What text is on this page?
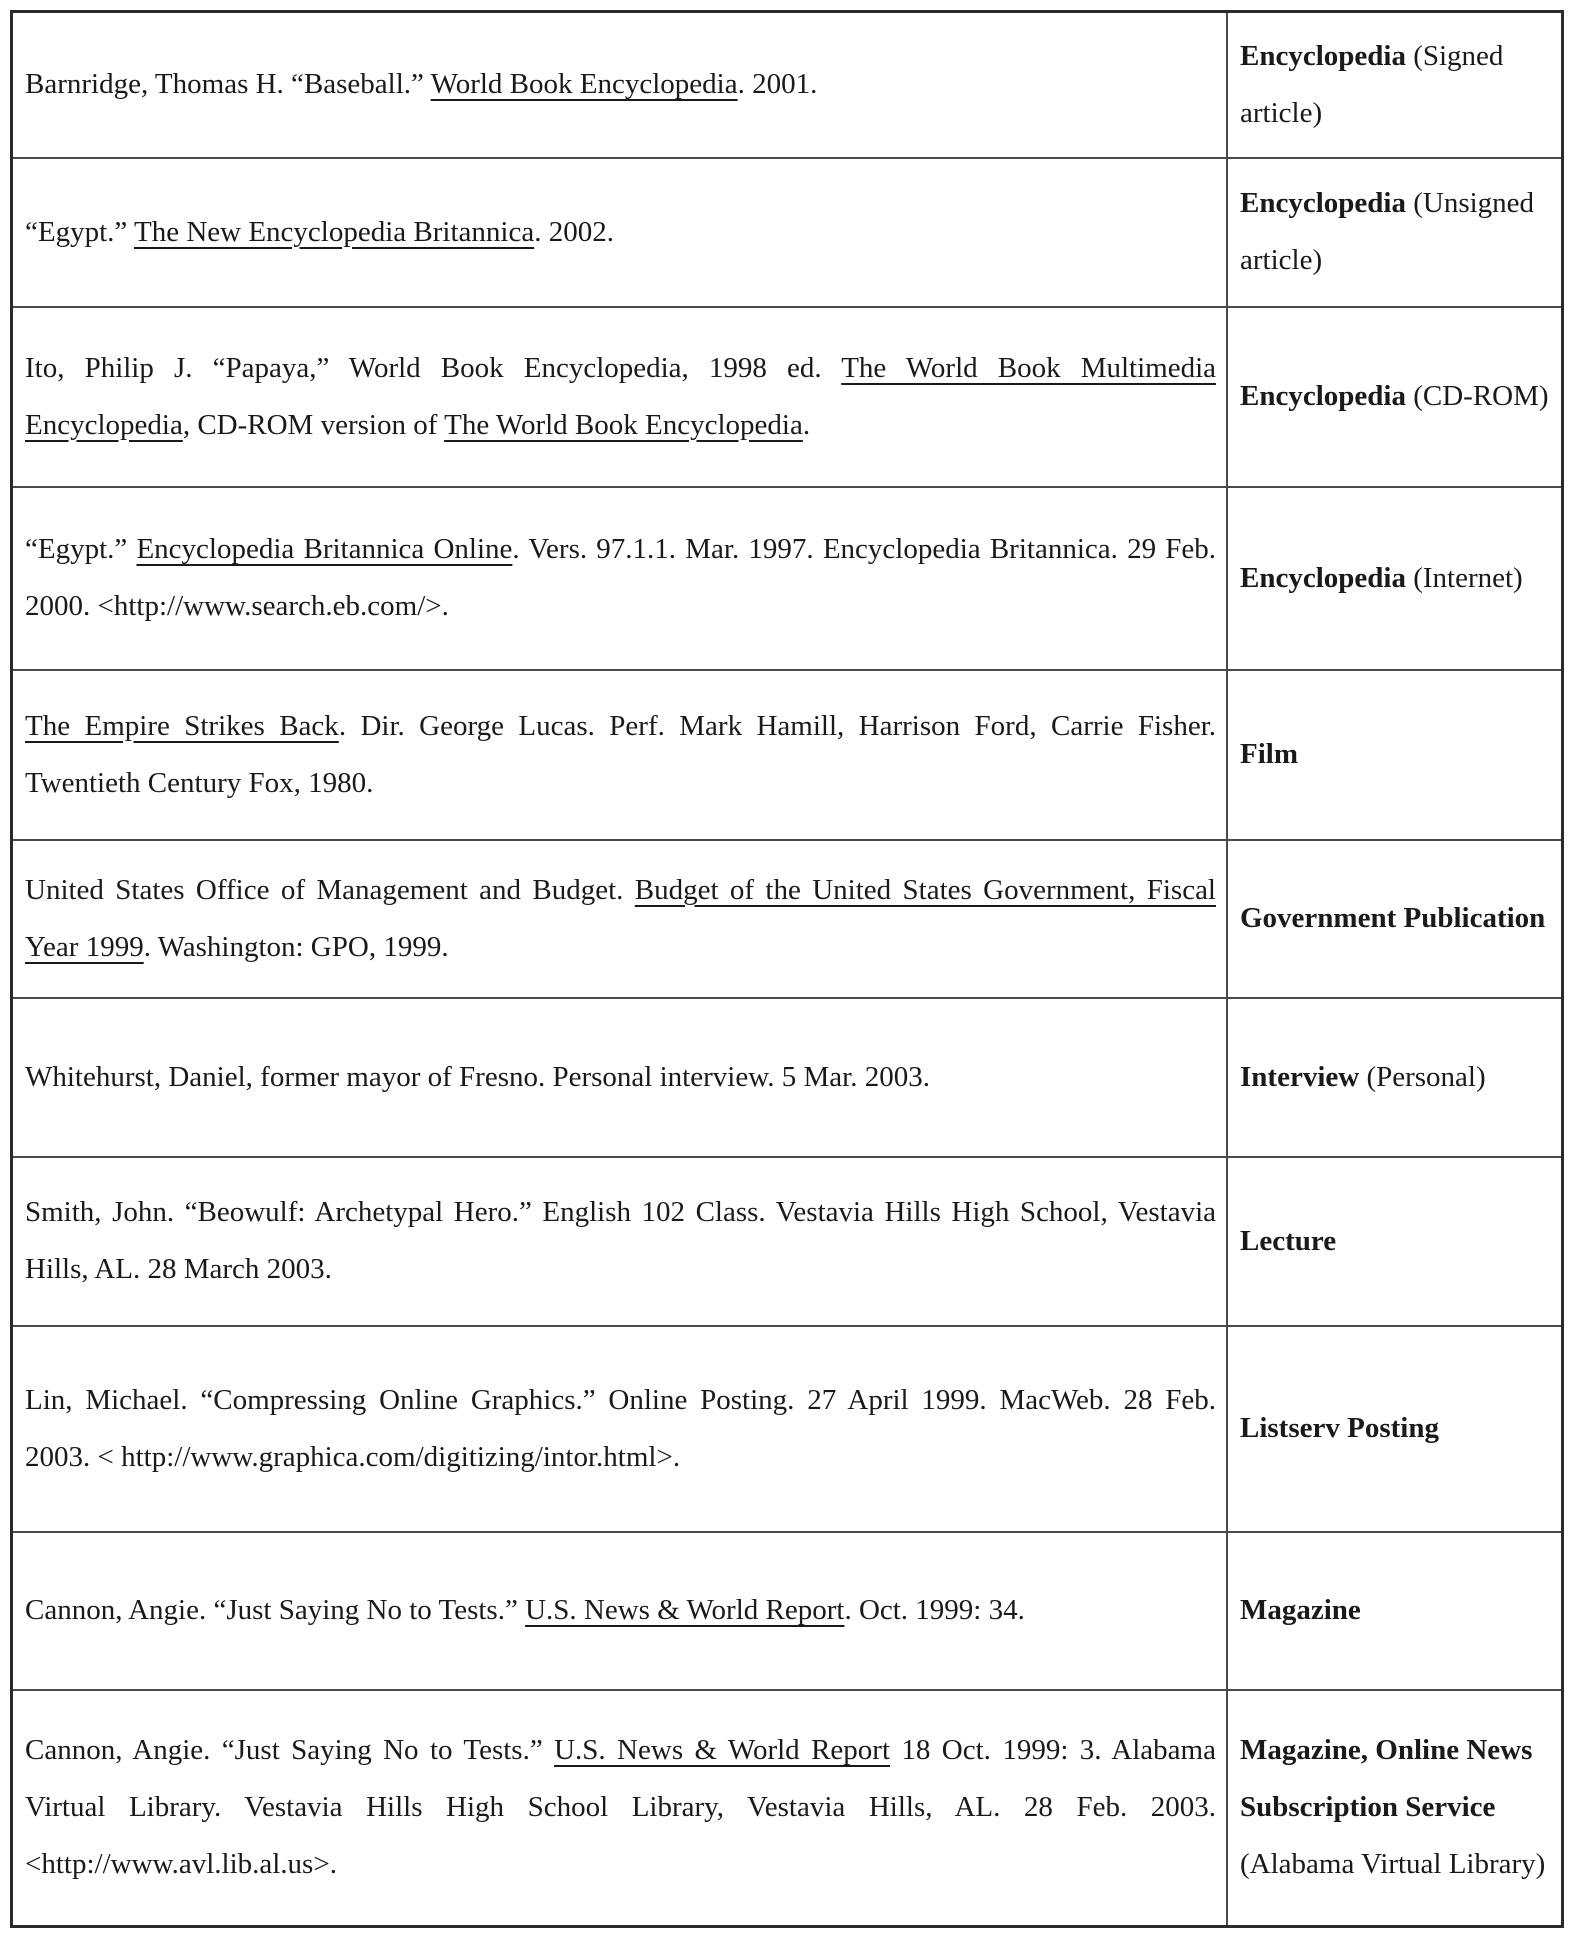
Barnridge, Thomas H. “Baseball.” World Book Encyclopedia. 2001.	Encyclopedia (Signed article)
“Egypt.” The New Encyclopedia Britannica. 2002.	Encyclopedia (Unsigned article)
Ito, Philip J. “Papaya,” World Book Encyclopedia, 1998 ed. The World Book Multimedia Encyclopedia, CD-ROM version of The World Book Encyclopedia.	Encyclopedia (CD-ROM)
“Egypt.” Encyclopedia Britannica Online. Vers. 97.1.1. Mar. 1997. Encyclopedia Britannica. 29 Feb. 2000. <http://www.search.eb.com/>.	Encyclopedia (Internet)
The Empire Strikes Back. Dir. George Lucas. Perf. Mark Hamill, Harrison Ford, Carrie Fisher. Twentieth Century Fox, 1980.	Film
United States Office of Management and Budget. Budget of the United States Government, Fiscal Year 1999. Washington: GPO, 1999.	Government Publication
Whitehurst, Daniel, former mayor of Fresno. Personal interview. 5 Mar. 2003.	Interview (Personal)
Smith, John. “Beowulf: Archetypal Hero.” English 102 Class. Vestavia Hills High School, Vestavia Hills, AL. 28 March 2003.	Lecture
Lin, Michael. “Compressing Online Graphics.” Online Posting. 27 April 1999. MacWeb. 28 Feb. 2003. < http://www.graphica.com/digitizing/intor.html>.	Listserv Posting
Cannon, Angie. “Just Saying No to Tests.” U.S. News & World Report. Oct. 1999: 34.	Magazine
Cannon, Angie. “Just Saying No to Tests.” U.S. News & World Report 18 Oct. 1999: 3. Alabama Virtual Library. Vestavia Hills High School Library, Vestavia Hills, AL. 28 Feb. 2003. <http://www.avl.lib.al.us>.	Magazine, Online News Subscription Service (Alabama Virtual Library)
